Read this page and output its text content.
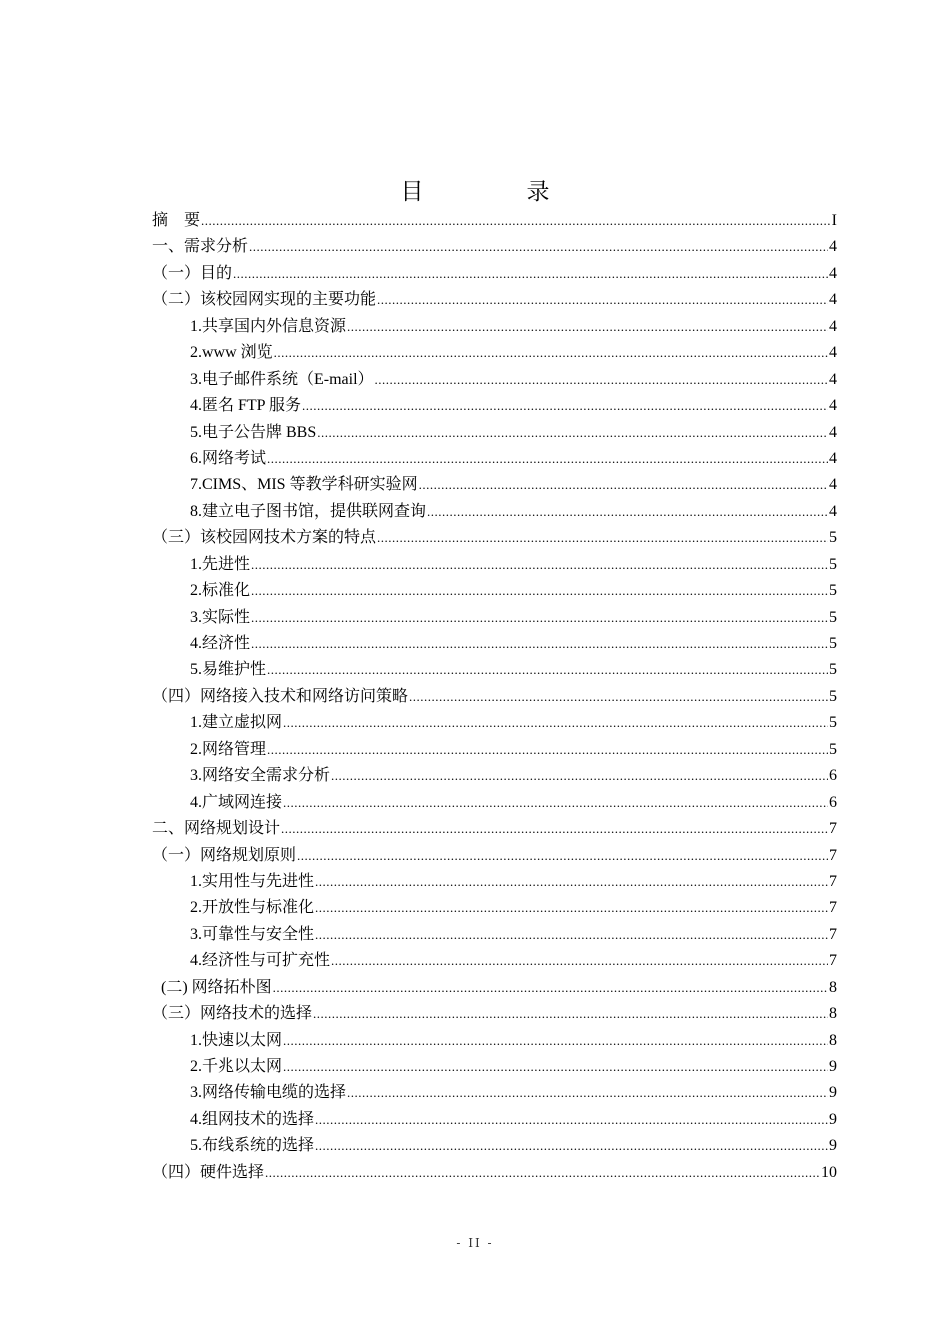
目　录
摘　要 .....	I
一、需求分析 .....	4
（一）目的 .....	4
（二）该校园网实现的主要功能 .....	4
1.共享国内外信息资源 .....	4
2.www 浏览 .....	4
3.电子邮件系统（E-mail） .....	4
4.匿名 FTP 服务 .....	4
5.电子公告牌 BBS .....	4
6.网络考试 .....	4
7.CIMS、MIS 等教学科研实验网 .....	4
8.建立电子图书馆，提供联网查询 .....	4
（三）该校园网技术方案的特点 .....	5
1.先进性 .....	5
2.标准化 .....	5
3.实际性 .....	5
4.经济性 .....	5
5.易维护性 .....	5
（四）网络接入技术和网络访问策略 .....	5
1.建立虚拟网 .....	5
2.网络管理 .....	5
3.网络安全需求分析 .....	6
4.广域网连接 .....	6
二、网络规划设计 .....	7
（一）网络规划原则 .....	7
1.实用性与先进性 .....	7
2.开放性与标准化 .....	7
3.可靠性与安全性 .....	7
4.经济性与可扩充性 .....	7
(二) 网络拓朴图 .....	8
（三）网络技术的选择 .....	8
1.快速以太网 .....	8
2.千兆以太网 .....	9
3.网络传输电缆的选择 .....	9
4.组网技术的选择 .....	9
5.布线系统的选择 .....	9
（四）硬件选择 .....	10
- II -
